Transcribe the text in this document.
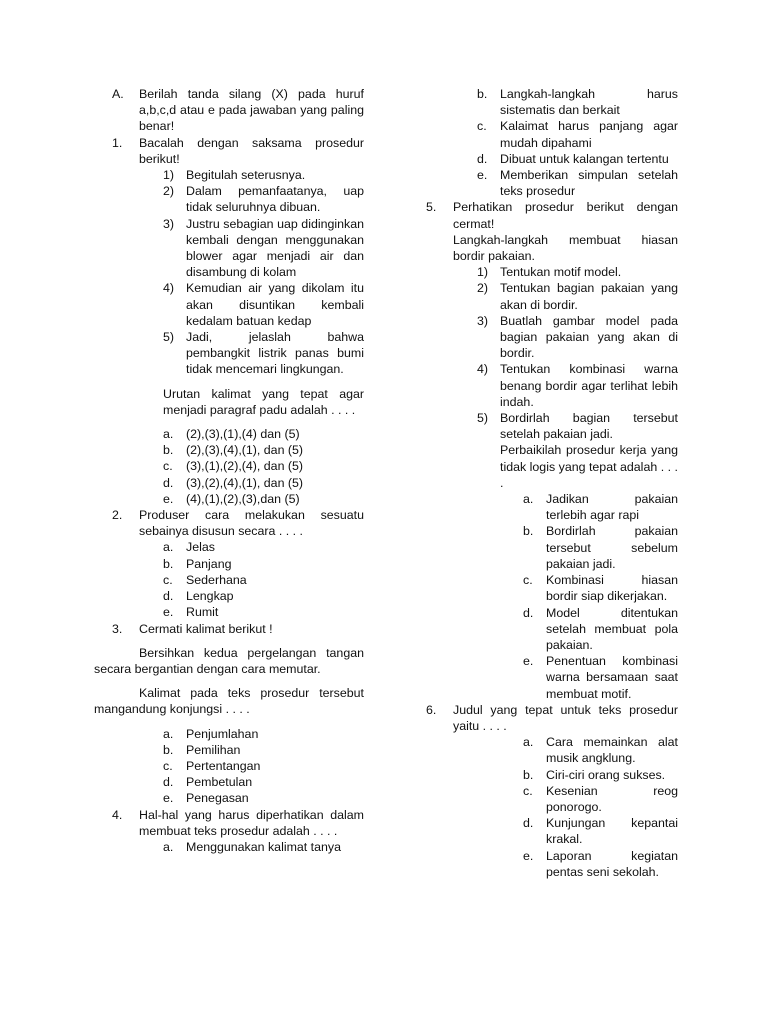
A.	Berilah tanda silang (X) pada huruf a,b,c,d atau e pada jawaban yang paling benar!
1.	Bacalah dengan saksama prosedur berikut!
1) Begitulah seterusnya.
2) Dalam pemanfaatanya, uap tidak seluruhnya dibuan.
3) Justru sebagian uap didinginkan kembali dengan menggunakan blower agar menjadi air dan disambung di kolam
4) Kemudian air yang dikolam itu akan disuntikan kembali kedalam batuan kedap
5) Jadi, jelaslah bahwa pembangkit listrik panas bumi tidak mencemari lingkungan.
Urutan kalimat yang tepat agar menjadi paragraf padu adalah . . . .
a.	(2),(3),(1),(4) dan (5)
b.	(2),(3),(4),(1), dan (5)
c.	(3),(1),(2),(4), dan (5)
d.	(3),(2),(4),(1), dan (5)
e.	(4),(1),(2),(3),dan (5)
2.	Produser cara melakukan sesuatu sebainya disusun secara . . . .
a.	Jelas
b.	Panjang
c.	Sederhana
d.	Lengkap
e.	Rumit
3.	Cermati kalimat berikut !
Bersihkan kedua pergelangan tangan secara bergantian dengan cara memutar.
Kalimat pada teks prosedur tersebut mangandung konjungsi . . . .
a.	Penjumlahan
b.	Pemilihan
c.	Pertentangan
d.	Pembetulan
e.	Penegasan
4.	Hal-hal yang harus diperhatikan dalam membuat teks prosedur adalah . . . .
a.	Menggunakan kalimat tanya
b.	Langkah-langkah harus sistematis dan berkait
c.	Kalaimat harus panjang agar mudah dipahami
d.	Dibuat untuk kalangan tertentu
e.	Memberikan simpulan setelah teks prosedur
5.	Perhatikan prosedur berikut dengan cermat!
Langkah-langkah membuat hiasan bordir pakaian.
1) Tentukan motif model.
2) Tentukan bagian pakaian yang akan di bordir.
3) Buatlah gambar model pada bagian pakaian yang akan di bordir.
4) Tentukan kombinasi warna benang bordir agar terlihat lebih indah.
5) Bordirlah bagian tersebut setelah pakaian jadi.
Perbaikilah prosedur kerja yang tidak logis yang tepat adalah . . . .
a.	Jadikan pakaian terlebih agar rapi
b.	Bordirlah pakaian tersebut sebelum pakaian jadi.
c.	Kombinasi hiasan bordir siap dikerjakan.
d.	Model ditentukan setelah membuat pola pakaian.
e.	Penentuan kombinasi warna bersamaan saat membuat motif.
6.	Judul yang tepat untuk teks prosedur yaitu . . . .
a.	Cara memainkan alat musik angklung.
b.	Ciri-ciri orang sukses.
c.	Kesenian reog ponorogo.
d.	Kunjungan kepantai krakal.
e.	Laporan kegiatan pentas seni sekolah.
